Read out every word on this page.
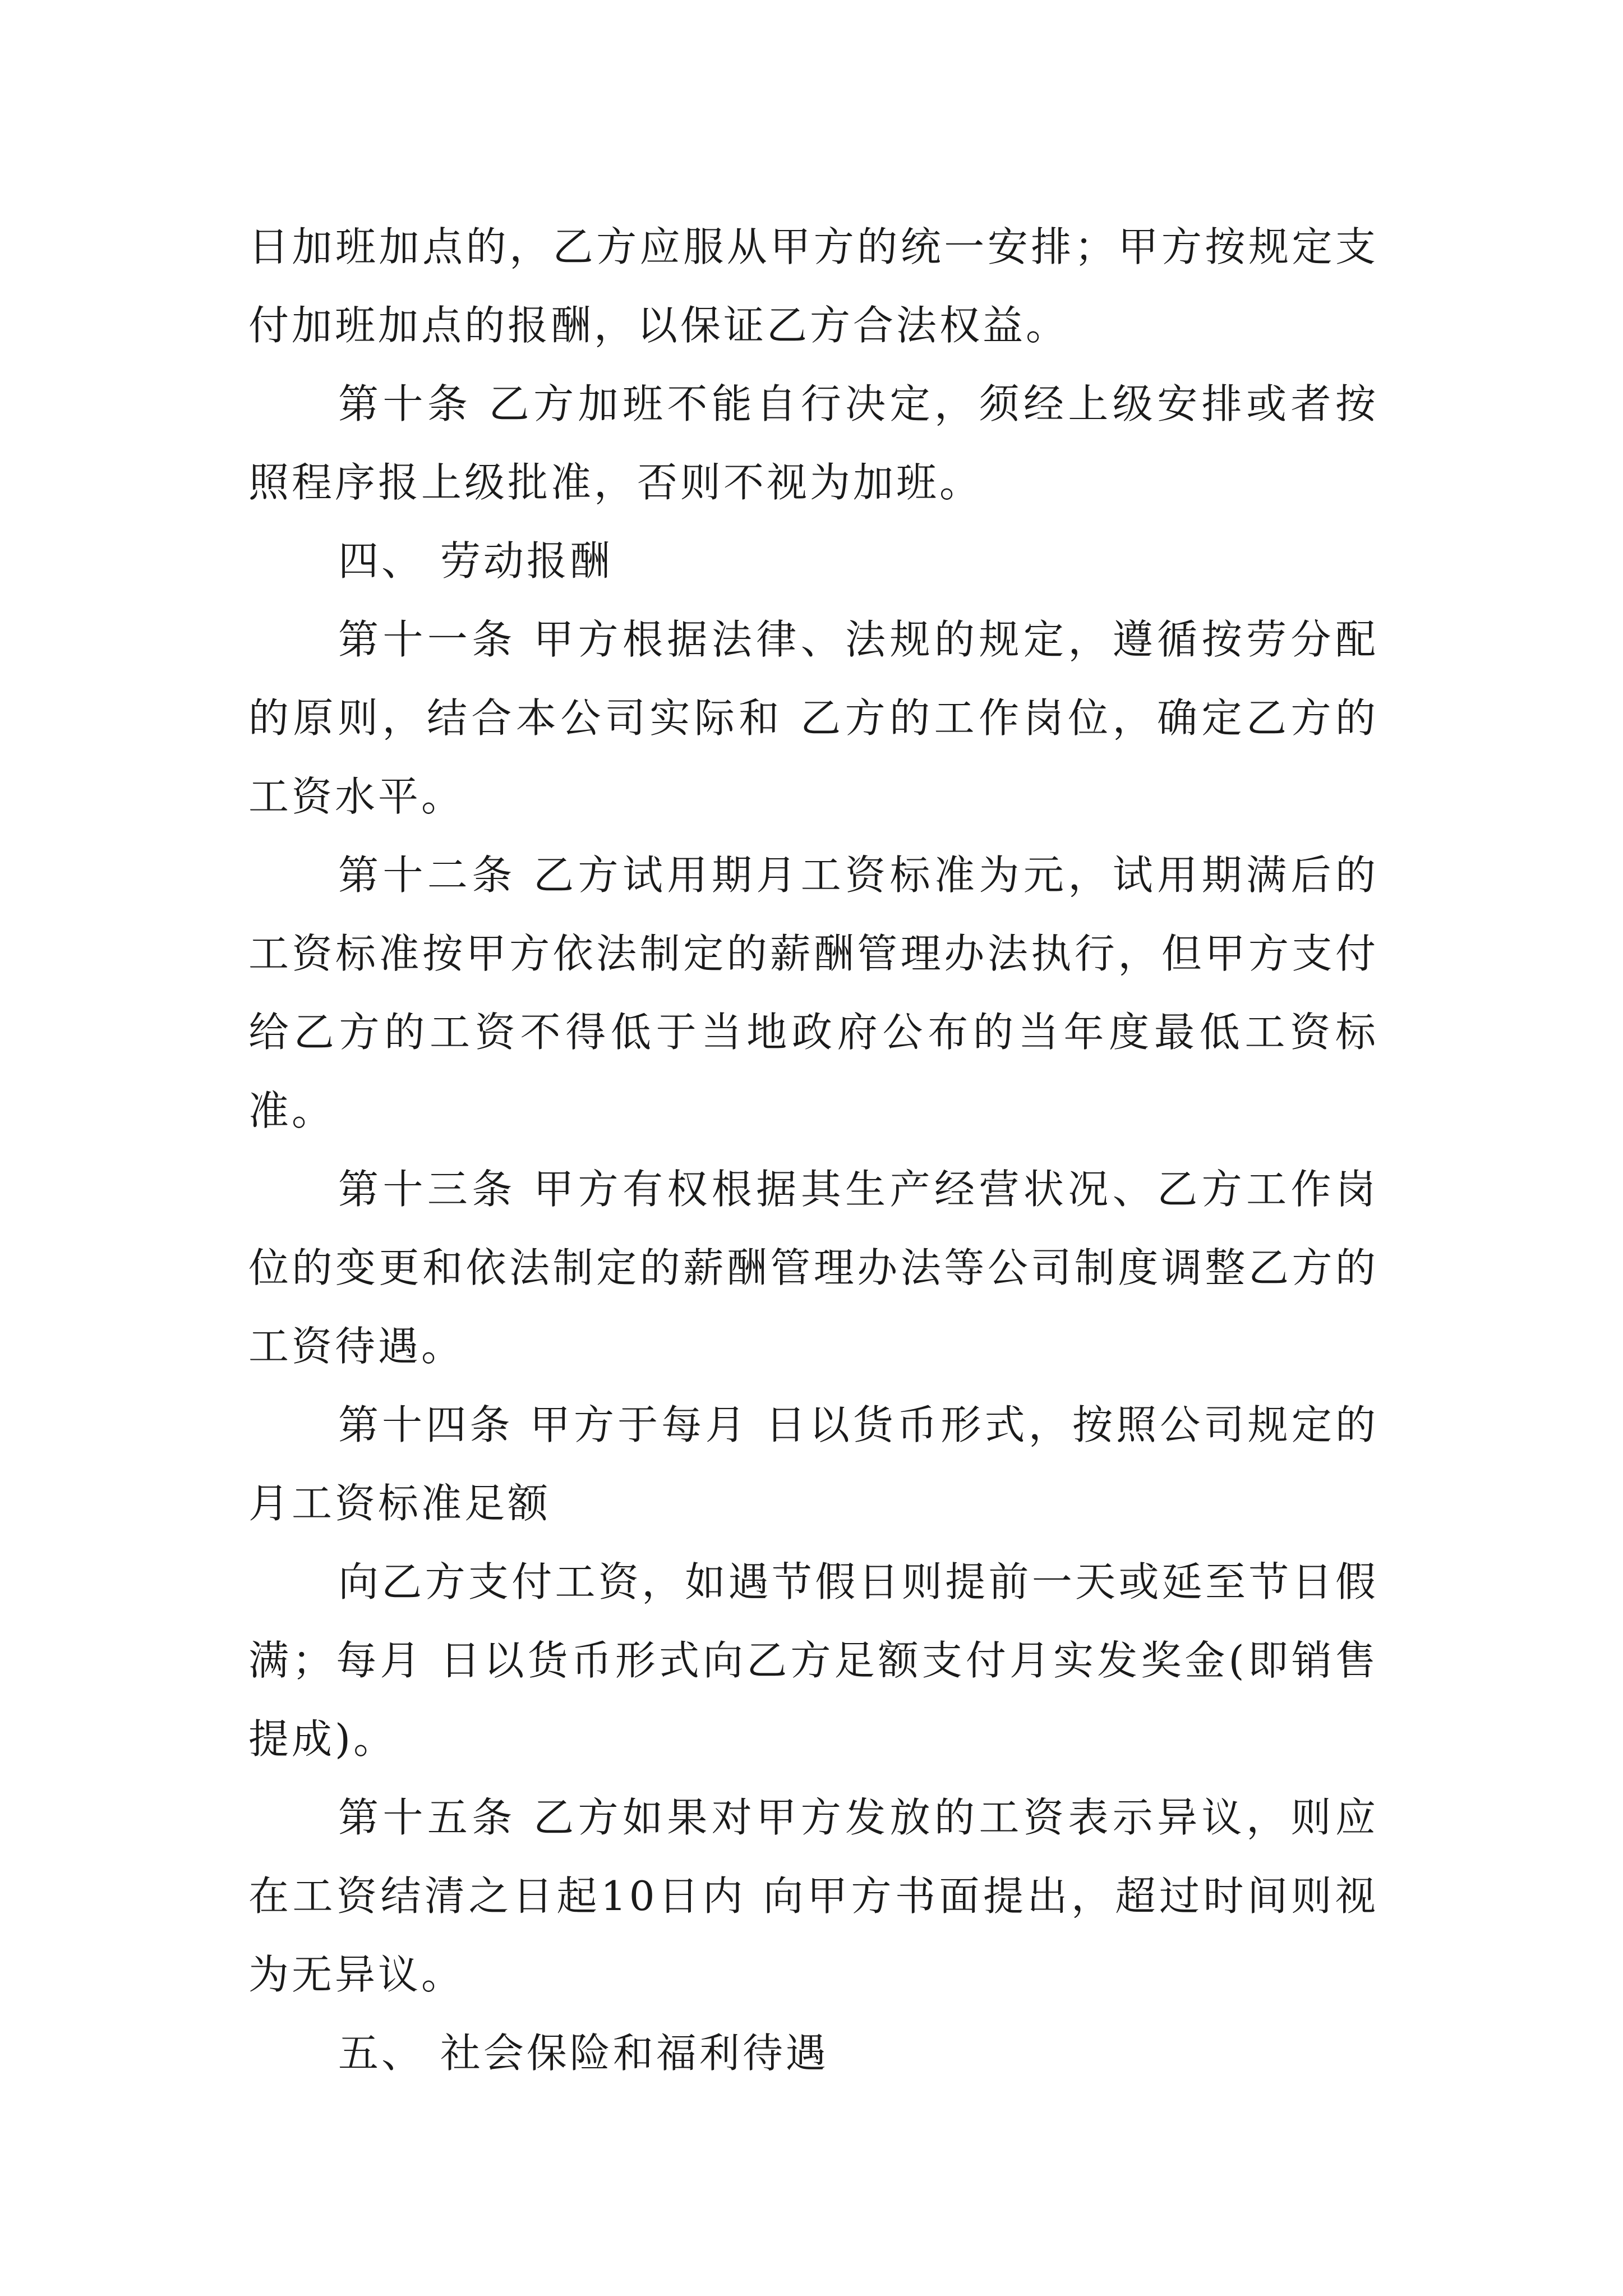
日加班加点的，乙方应服从甲方的统一安排；甲方按规定支付加班加点的报酬，以保证乙方合法权益。

第十条 乙方加班不能自行决定，须经上级安排或者按照程序报上级批准，否则不视为加班。

四、 劳动报酬

第十一条 甲方根据法律、法规的规定，遵循按劳分配的原则，结合本公司实际和 乙方的工作岗位，确定乙方的工资水平。

第十二条 乙方试用期月工资标准为元，试用期满后的工资标准按甲方依法制定的薪酬管理办法执行，但甲方支付给乙方的工资不得低于当地政府公布的当年度最低工资标准。

第十三条 甲方有权根据其生产经营状况、乙方工作岗位的变更和依法制定的薪酬管理办法等公司制度调整乙方的工资待遇。

第十四条 甲方于每月 日以货币形式，按照公司规定的月工资标准足额

向乙方支付工资，如遇节假日则提前一天或延至节日假满；每月 日以货币形式向乙方足额支付月实发奖金(即销售提成)。

第十五条 乙方如果对甲方发放的工资表示异议，则应在工资结清之日起10日内 向甲方书面提出，超过时间则视为无异议。

五、 社会保险和福利待遇
